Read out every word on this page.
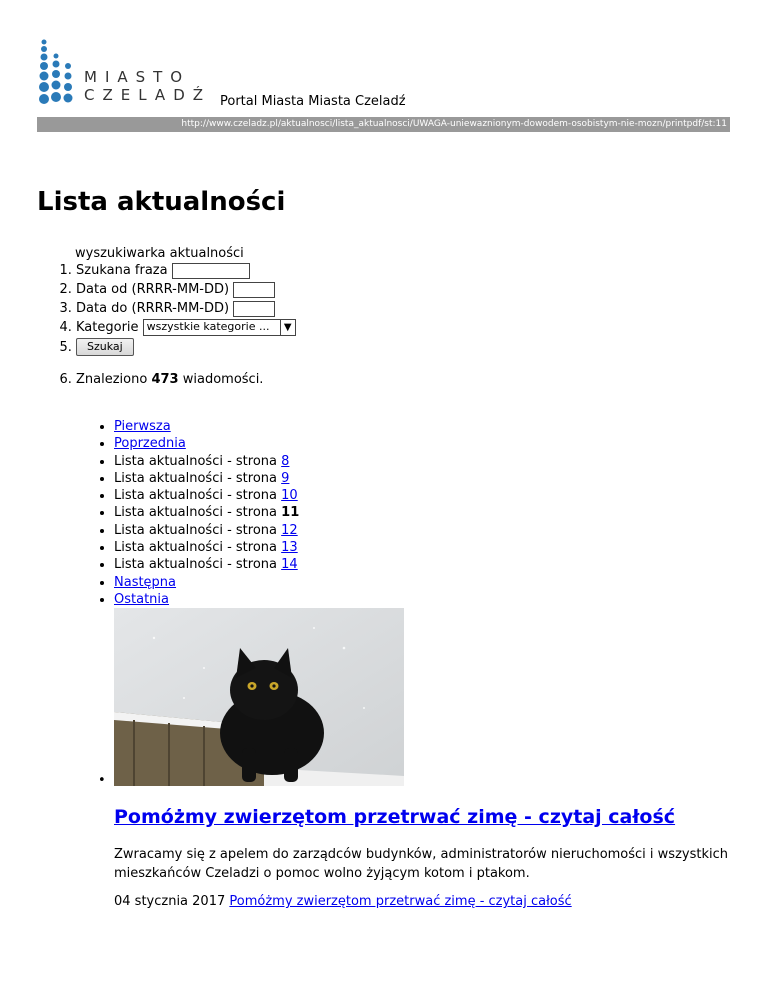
MIASTO
CZELADŹ Portal Miasta Miasta Czeladź
http://www.czeladz.pl/aktualnosci/lista_aktualnosci/UWAGA-uniewaznionym-dowodem-osobistym-nie-mozn/printpdf/st:11
Lista aktualności
wyszukiwarka aktualności
1. Szukana fraza
2. Data od (RRRR-MM-DD)
3. Data do (RRRR-MM-DD)
4. Kategorie wszystkie kategorie ...	▼
5. Szukaj
6. Znaleziono 473 wiadomości.
• Pierwsza
• Poprzednia
• Lista aktualności - strona 8
• Lista aktualności - strona 9
• Lista aktualności - strona 10
• Lista aktualności - strona 11
• Lista aktualności - strona 12
• Lista aktualności - strona 13
• Lista aktualności - strona 14
• Następna
• Ostatnia
•
Pomóżmy zwierzętom przetrwać zimę - czytaj całość
Zwracamy się z apelem do zarządców budynków, administratorów nieruchomości i wszystkich mieszkańców Czeladzi o pomoc wolno żyjącym kotom i ptakom.
04 stycznia 2017 Pomóżmy zwierzętom przetrwać zimę - czytaj całość
